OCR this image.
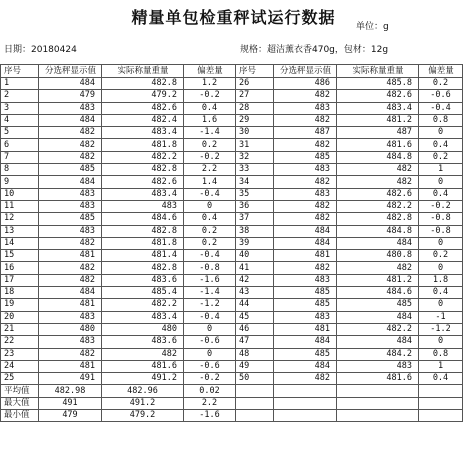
精量单包检重秤试运行数据	单位：g
日期：20180424	规格：超洁薰衣香470g，包材：12g
序号	分选秤显示值	实际称量重量	偏差量	序号	分选秤显示值	实际称量重量	偏差量
1	484	482.8	1.2	26	486	485.8	0.2
2	479	479.2	-0.2	27	482	482.6	-0.6
3	483	482.6	0.4	28	483	483.4	-0.4
4	484	482.4	1.6	29	482	481.2	0.8
5	482	483.4	-1.4	30	487	487	0
6	482	481.8	0.2	31	482	481.6	0.4
7	482	482.2	-0.2	32	485	484.8	0.2
8	485	482.8	2.2	33	483	482	1
9	484	482.6	1.4	34	482	482	0
10	483	483.4	-0.4	35	483	482.6	0.4
11	483	483	0	36	482	482.2	-0.2
12	485	484.6	0.4	37	482	482.8	-0.8
13	483	482.8	0.2	38	484	484.8	-0.8
14	482	481.8	0.2	39	484	484	0
15	481	481.4	-0.4	40	481	480.8	0.2
16	482	482.8	-0.8	41	482	482	0
17	482	483.6	-1.6	42	483	481.2	1.8
18	484	485.4	-1.4	43	485	484.6	0.4
19	481	482.2	-1.2	44	485	485	0
20	483	483.4	-0.4	45	483	484	-1
21	480	480	0	46	481	482.2	-1.2
22	483	483.6	-0.6	47	484	484	0
23	482	482	0	48	485	484.2	0.8
24	481	481.6	-0.6	49	484	483	1
25	491	491.2	-0.2	50	482	481.6	0.4
平均值	482.98	482.96	0.02				
最大值	491	491.2	2.2				
最小值	479	479.2	-1.6				
